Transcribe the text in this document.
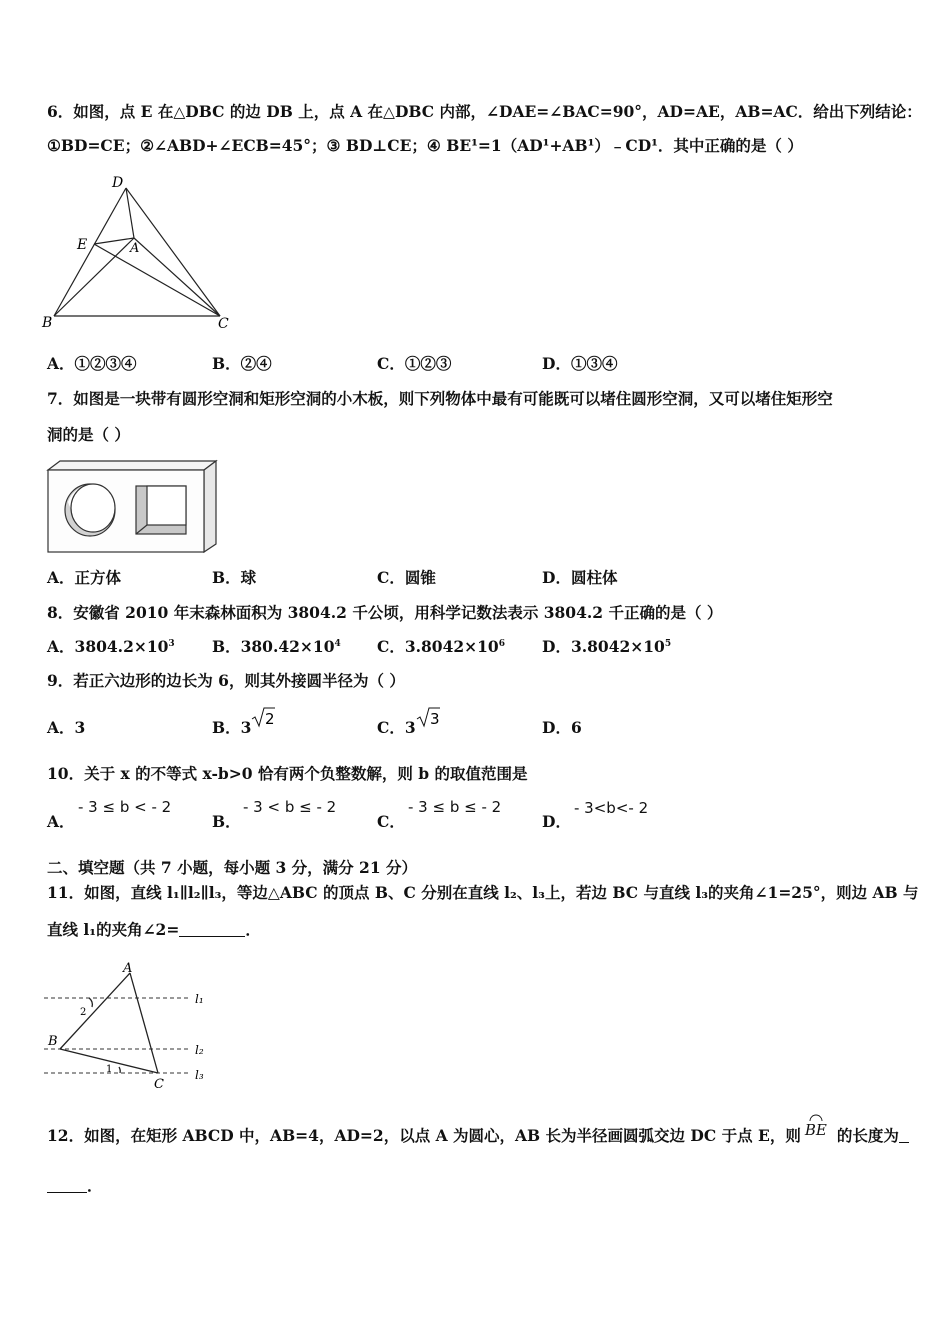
6．如图，点 E 在△DBC 的边 DB 上，点 A 在△DBC 内部，∠DAE=∠BAC=90°，AD=AE，AB=AC．给出下列结论：
①BD=CE；②∠ABD+∠ECB=45°；③ BD⊥CE；④ BE¹=1（AD¹+AB¹）﹣CD¹．其中正确的是（ ）
D
E	A
B	C
A．①②③④	B．②④	C．①②③	D．①③④
7．如图是一块带有圆形空洞和矩形空洞的小木板，则下列物体中最有可能既可以堵住圆形空洞，又可以堵住矩形空
洞的是（ ）
A．正方体	B．球	C．圆锥	D．圆柱体
8．安徽省 2010 年末森林面积为 3804.2 千公顷，用科学记数法表示 3804.2 千正确的是（ ）
A．$3804.2\times 10^3$ B．$380.42\times 10^4$ C．$3.8042\times 10^6$ D．$3.8042\times 10^5$
9．若正六边形的边长为 6，则其外接圆半径为（ ）
A．3	B．3 2	C．3 3	D．6
10．关于 x 的不等式 x-b>0 恰有两个负整数解，则 b 的取值范围是
A．
- 3 ≤ b < - 2
B．
- 3 < b ≤ - 2
C．
- 3 ≤ b ≤ - 2
D．
- 3<b<- 2
二、填空题（共 7 小题，每小题 3 分，满分 21 分）
11．如图，直线 l₁∥l₂∥l₃，等边△ABC 的顶点 B、C 分别在直线 l₂、l₃上，若边 BC 与直线 l₃的夹角∠1=25°，则边 AB 与
直线 l₁的夹角∠2=	．
A
B
C
2
1
l₁
l₂
l₃
12．如图，在矩形 ABCD 中，AB=4，AD=2，以点 A 为圆心，AB 长为半径画圆弧交边 DC 于点 E，则 BE 的长度为
．
